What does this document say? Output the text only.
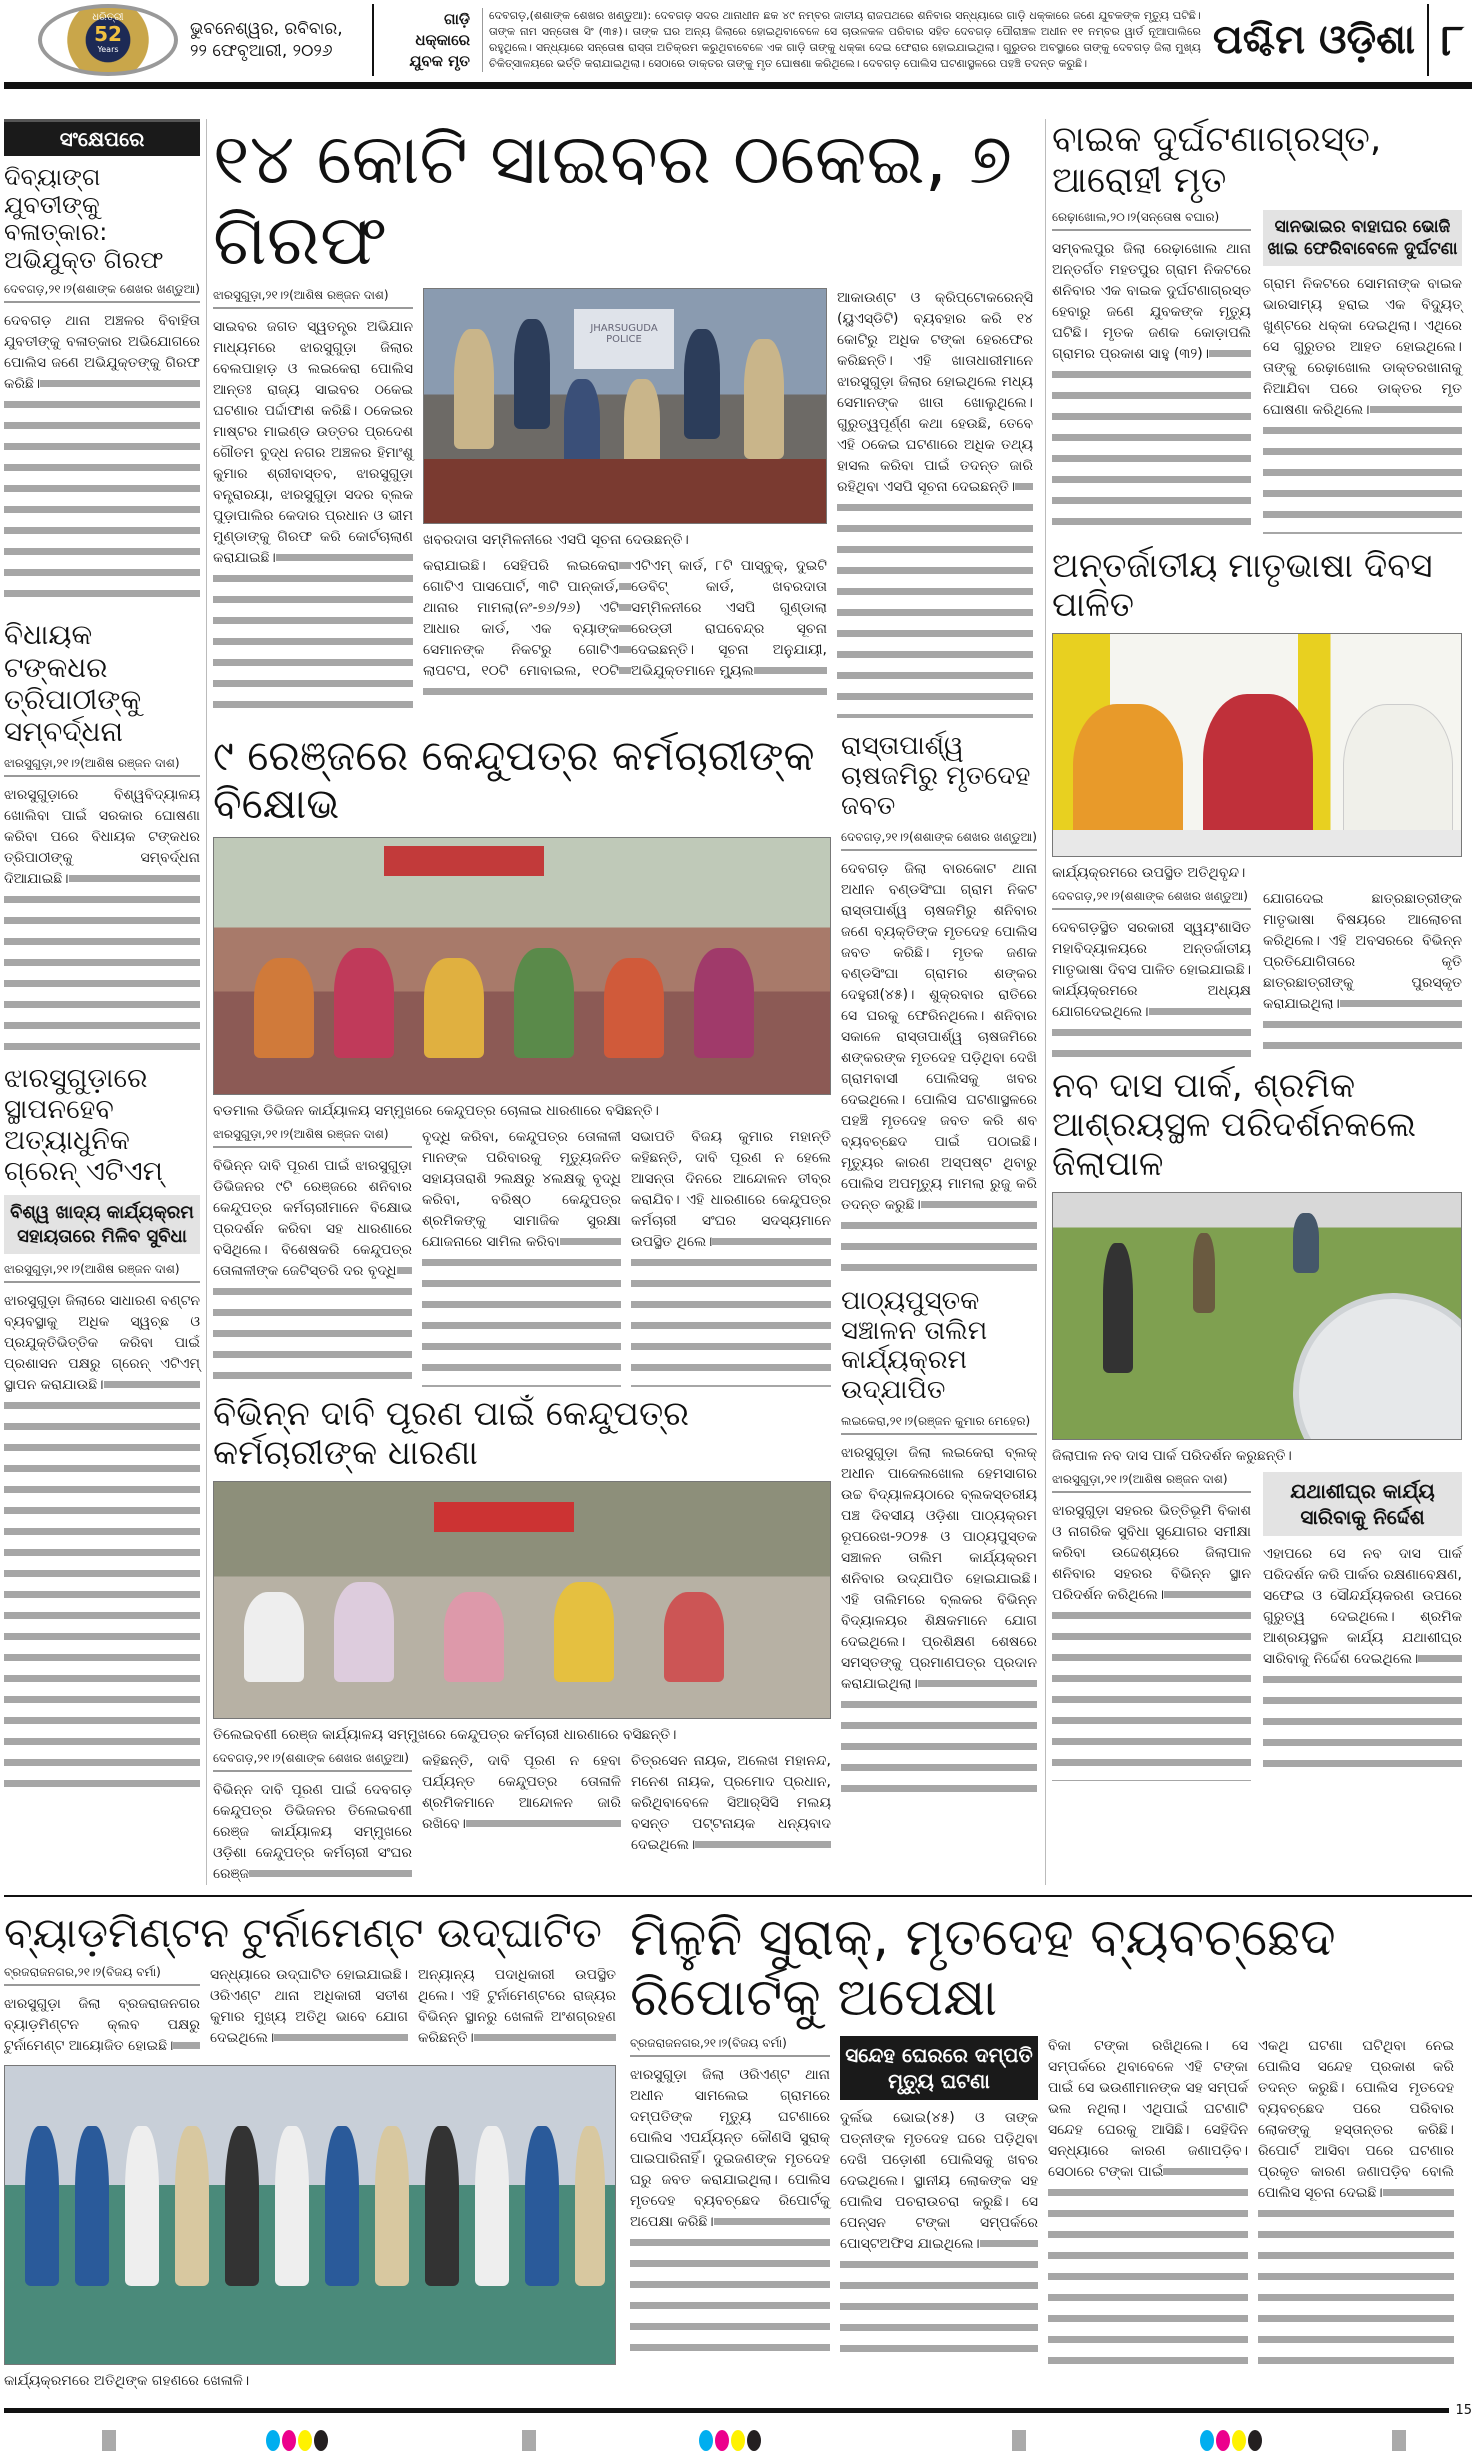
ଧରିତ୍ରୀ
52
Years
ଭୁବନେଶ୍ୱର, ରବିବାର,
୨୨ ଫେବୃଆରୀ, ୨୦୨୬
ଗାଡ଼ି ଧକ୍କାରେ ଯୁବକ ମୃତ
ଦେବଗଡ଼,(ଶଶାଙ୍କ ଶେଖର ଖଣ୍ଡୁଆ): ଦେବଗଡ଼ ସଦର ଥାନାଧୀନ ଛକ ୪୯ ନମ୍ବର ଜାତୀୟ ରାଜପଥରେ ଶନିବାର ସନ୍ଧ୍ୟାରେ ଗାଡ଼ି ଧକ୍କାରେ ଜଣେ ଯୁବକଙ୍କ ମୃତ୍ୟୁ ଘଟିଛି। ତାଙ୍କ ନାମ ସନ୍ତୋଷ ସିଂ (୩୫)। ତାଙ୍କ ଘର ଅନ୍ୟ ଜିଲାରେ ହୋଇଥିବାବେଳେ ସେ ଚାଉଳକଳ ପରିବାର ସହିତ ଦେବଗଡ଼ ପୌରାଞ୍ଚଳ ଅଧୀନ ୧୧ ନମ୍ବର ୱାର୍ଡ ନୂଆପାଲିରେ ରହୁଥିଲେ। ସନ୍ଧ୍ୟାରେ ସନ୍ତୋଷ ରାସ୍ତା ଅତିକ୍ରମ କରୁଥିବାବେଳେ ଏକ ଗାଡ଼ି ତାଙ୍କୁ ଧକ୍କା ଦେଇ ଫେରାର ହୋଇଯାଇଥିଲା। ଗୁରୁତର ଅବସ୍ଥାରେ ତାଙ୍କୁ ଦେବଗଡ଼ ଜିଲା ମୁଖ୍ୟ ଚିକିତ୍ସାଳୟରେ ଭର୍ତ୍ତି କରାଯାଇଥିଲା। ସେଠାରେ ଡାକ୍ତର ତାଙ୍କୁ ମୃତ ଘୋଷଣା କରିଥିଲେ। ଦେବଗଡ଼ ପୋଲିସ ଘଟଣାସ୍ଥଳରେ ପହଞ୍ଚି ତଦନ୍ତ କରୁଛି।
ପଶ୍ଚିମ ଓଡ଼ିଶା ୮
ସଂକ୍ଷେପରେ
ଦିବ୍ୟାଙ୍ଗ ଯୁବତୀଙ୍କୁ ବଳାତ୍କାର: ଅଭିଯୁକ୍ତ ଗିରଫ
ଦେବଗଡ଼,୨୧।୨(ଶଶାଙ୍କ ଶେଖର ଖଣ୍ଡୁଆ)
ଦେବଗଡ଼ ଥାନା ଅଞ୍ଚଳର ବିବାହିତା ଯୁବତୀଙ୍କୁ ବଳାତ୍କାର ଅଭିଯୋଗରେ ପୋଲିସ ଜଣେ ଅଭିଯୁକ୍ତଙ୍କୁ ଗିରଫ କରିଛି।
ବିଧାୟକ ଟଙ୍କଧର ତ୍ରିପାଠୀଙ୍କୁ ସମ୍ବର୍ଦ୍ଧନା
ଝାରସୁଗୁଡ଼ା,୨୧।୨(ଆଶିଷ ରଞ୍ଜନ ଦାଶ)
ଝାରସୁଗୁଡ଼ାରେ ବିଶ୍ୱବିଦ୍ୟାଳୟ ଖୋଲିବା ପାଇଁ ସରକାର ଘୋଷଣା କରିବା ପରେ ବିଧାୟକ ଟଙ୍କଧର ତ୍ରିପାଠୀଙ୍କୁ ସମ୍ବର୍ଦ୍ଧନା ଦିଆଯାଇଛି।
ଝାରସୁଗୁଡ଼ାରେ ସ୍ଥାପନହେବ ଅତ୍ୟାଧୁନିକ ଗ୍ରେନ୍ ଏଟିଏମ୍
ବିଶ୍ୱ ଖାଦ୍ୟ କାର୍ଯ୍ୟକ୍ରମ ସହାୟତାରେ ମିଳିବ ସୁବିଧା
ଝାରସୁଗୁଡ଼ା,୨୧।୨(ଆଶିଷ ରଞ୍ଜନ ଦାଶ)
ଝାରସୁଗୁଡ଼ା ଜିଲାରେ ସାଧାରଣ ବଣ୍ଟନ ବ୍ୟବସ୍ଥାକୁ ଅଧିକ ସ୍ୱଚ୍ଛ ଓ ପ୍ରଯୁକ୍ତିଭିତ୍ତିକ କରିବା ପାଇଁ ପ୍ରଶାସନ ପକ୍ଷରୁ ଗ୍ରେନ୍ ଏଟିଏମ୍ ସ୍ଥାପନ କରାଯାଉଛି।
୧୪ କୋଟି ସାଇବର ଠକେଇ, ୭ ଗିରଫ
ଝାରସୁଗୁଡ଼ା,୨୧।୨(ଆଶିଷ ରଞ୍ଜନ ଦାଶ)
ସାଇବର ଜଗତ ସ୍ୱତନ୍ତ୍ର ଅଭିଯାନ ମାଧ୍ୟମରେ ଝାରସୁଗୁଡ଼ା ଜିଲାର ବେଲପାହାଡ଼ ଓ ଲଇକେରା ପୋଲିସ ଆନ୍ତଃ ରାଜ୍ୟ ସାଇବର ଠକେଇ ଘଟଣାର ପର୍ଦ୍ଦାଫାଶ କରିଛି। ଠକେଇର ମାଷ୍ଟର ମାଇଣ୍ଡ ଉତ୍ତର ପ୍ରଦେଶ ଗୌତମ ବୁଦ୍ଧ ନଗର ଅଞ୍ଚଳର ହିମାଂଶୁ କୁମାର ଶ୍ରୀବାସ୍ତବ, ଝାରସୁଗୁଡ଼ା ବନ୍ତ୍ରାରୟା, ଝାରସୁଗୁଡ଼ା ସଦର ବ୍ଲକ ପୁଡ଼ାପାଲିର କେଦାର ପ୍ରଧାନ ଓ ଭୀମ ମୁଣ୍ଡାଙ୍କୁ ଗିରଫ କରି କୋର୍ଟଚାଲାଣ କରାଯାଇଛି।
JHARSUGUDA POLICE
ଖବରଦାତା ସମ୍ମିଳନୀରେ ଏସପି ସୂଚନା ଦେଉଛନ୍ତି।
କରାଯାଇଛି। ସେହିପରି ଲଇକେରା ଗୋଟିଏ ପାସପୋର୍ଟ, ୩ଟି ପାନ୍‌କାର୍ଡ, ଥାନାର ମାମଲା(ନଂ-୭୬/୨୬) ଏଟି ଆଧାର କାର୍ଡ, ଏକ ବ୍ୟାଙ୍କ ସେମାନଙ୍କ ନିକଟରୁ ଗୋଟିଏ ଲାପଟପ, ୧୦ଟି ମୋବାଇଲ, ୧୦ଟି ଏଟିଏମ୍ କାର୍ଡ, ୮ଟି ପାସ୍‌ବୁକ୍, ଦୁଇଟି ଡେବିଟ୍ କାର୍ଡ, ଖବରଦାତା ସମ୍ମିଳନୀରେ ଏସପି ଗୁଣ୍ଡାଲା ରେଡ୍ଡୀ ରାଘବେନ୍ଦ୍ର ସୂଚନା ଦେଇଛନ୍ତି। ସୂଚନା ଅନୁଯାୟୀ, ଅଭିଯୁକ୍ତମାନେ ମ୍ୟୁଲ
ଆକାଉଣ୍ଟ ଓ କ୍ରିପ୍ଟୋକରେନ୍ସି (ୟୁଏସ୍‌ଡିଟି) ବ୍ୟବହାର କରି ୧୪ କୋଟିରୁ ଅଧିକ ଟଙ୍କା ହେରଫେର କରିଛନ୍ତି। ଏହି ଖାତାଧାରୀମାନେ ଝାରସୁଗୁଡ଼ା ଜିଲାର ହୋଇଥିଲେ ମଧ୍ୟ ସେମାନଙ୍କ ଖାତା ଖୋଲୁଥିଲେ। ଗୁରୁତ୍ୱପୂର୍ଣ୍ଣ କଥା ହେଉଛି, ତେବେ ଏହି ଠକେଇ ଘଟଣାରେ ଅଧିକ ତଥ୍ୟ ହାସଲ କରିବା ପାଇଁ ତଦନ୍ତ ଜାରି ରହିଥିବା ଏସପି ସୂଚନା ଦେଇଛନ୍ତି।
୯ ରେଞ୍ଜରେ କେନ୍ଦୁପତ୍ର କର୍ମଚାରୀଙ୍କ ବିକ୍ଷୋଭ
ବଡମାଲ ଡିଭିଜନ କାର୍ଯ୍ୟାଳୟ ସମ୍ମୁଖରେ କେନ୍ଦୁପତ୍ର ଚୋଳାଇ ଧାରଣାରେ ବସିଛନ୍ତି।
ଝାରସୁଗୁଡ଼ା,୨୧।୨(ଆଶିଷ ରଞ୍ଜନ ଦାଶ)
ବିଭିନ୍ନ ଦାବି ପୂରଣ ପାଇଁ ଝାରସୁଗୁଡ଼ା ଡିଭିଜନର ୯ଟି ରେଞ୍ଜରେ ଶନିବାର କେନ୍ଦୁପତ୍ର କର୍ମଚାରୀମାନେ ବିକ୍ଷୋଭ ପ୍ରଦର୍ଶନ କରିବା ସହ ଧାରଣାରେ ବସିଥିଲେ। ବିଶେଷକରି କେନ୍ଦୁପତ୍ର ତୋଳାଳୀଙ୍କ ଜେଟିସ୍ତରି ଦର ବୃଦ୍ଧି
ବୃଦ୍ଧି କରିବା, କେନ୍ଦୁପତ୍ର ତୋଳାଳୀ ମାନଙ୍କ ପରିବାରକୁ ମୃତ୍ୟୁଜନିତ ସହାୟତାରାଶି ୨ଲକ୍ଷରୁ ୪ଲକ୍ଷକୁ ବୃଦ୍ଧି କରିବା, ବରିଷ୍ଠ କେନ୍ଦୁପତ୍ର ଶ୍ରମିକଙ୍କୁ ସାମାଜିକ ସୁରକ୍ଷା ଯୋଜନାରେ ସାମିଲ କରିବା
ସଭାପତି ବିଜୟ କୁମାର ମହାନ୍ତି କହିଛନ୍ତି, ଦାବି ପୂରଣ ନ ହେଲେ ଆସନ୍ତା ଦିନରେ ଆନ୍ଦୋଳନ ତୀବ୍ର କରାଯିବ। ଏହି ଧାରଣାରେ କେନ୍ଦୁପତ୍ର କର୍ମଚାରୀ ସଂଘର ସଦସ୍ୟମାନେ ଉପସ୍ଥିତ ଥିଲେ।
ବିଭିନ୍ନ ଦାବି ପୂରଣ ପାଇଁ କେନ୍ଦୁପତ୍ର କର୍ମଚାରୀଙ୍କ ଧାରଣା
ତିଲେଇବଣୀ ରେଞ୍ଜ କାର୍ଯ୍ୟାଳୟ ସମ୍ମୁଖରେ କେନ୍ଦୁପତ୍ର କର୍ମଚାରୀ ଧାରଣାରେ ବସିଛନ୍ତି।
ଦେବଗଡ଼,୨୧।୨(ଶଶାଙ୍କ ଶେଖର ଖଣ୍ଡୁଆ)
ବିଭିନ୍ନ ଦାବି ପୂରଣ ପାଇଁ ଦେବଗଡ଼ କେନ୍ଦୁପତ୍ର ଡିଭିଜନର ତିଲେଇବଣୀ ରେଞ୍ଜ କାର୍ଯ୍ୟାଳୟ ସମ୍ମୁଖରେ ଓଡ଼ିଶା କେନ୍ଦୁପତ୍ର କର୍ମଚାରୀ ସଂଘର ରେଞ୍ଜ
କହିଛନ୍ତି, ଦାବି ପୂରଣ ନ ହେବା ପର୍ଯ୍ୟନ୍ତ କେନ୍ଦୁପତ୍ର ତୋଳାଳି ଶ୍ରମିକମାନେ ଆନ୍ଦୋଳନ ଜାରି ରଖିବେ।
ଚିତ୍ରସେନ ନାୟକ, ଅଲେଖ ମହାନନ୍ଦ, ମନେଶ ନାୟକ, ପ୍ରମୋଦ ପ୍ରଧାନ, କରିଥିବାବେଳେ ସିଆର୍‌ସିସି ମଲୟ ବସନ୍ତ ପଟ୍ଟନାୟକ ଧନ୍ୟବାଦ ଦେଇଥିଲେ।
ରାସ୍ତାପାର୍ଶ୍ୱ ଚାଷଜମିରୁ ମୃତଦେହ ଜବତ
ଦେବଗଡ଼,୨୧।୨(ଶଶାଙ୍କ ଶେଖର ଖଣ୍ଡୁଆ)
ଦେବଗଡ଼ ଜିଲା ବାରକୋଟ ଥାନା ଅଧୀନ ବଣ୍ଡସିଂଘା ଗ୍ରାମ ନିକଟ ରାସ୍ତାପାର୍ଶ୍ୱ ଚାଷଜମିରୁ ଶନିବାର ଜଣେ ବ୍ୟକ୍ତିଙ୍କ ମୃତଦେହ ପୋଲିସ ଜବତ କରିଛି। ମୃତକ ଜଣକ ବଣ୍ଡସିଂଘା ଗ୍ରାମର ଶଙ୍କର ଦେହୁରୀ(୪୫)। ଶୁକ୍ରବାର ରାତିରେ ସେ ଘରକୁ ଫେରିନଥିଲେ। ଶନିବାର ସକାଳେ ରାସ୍ତାପାର୍ଶ୍ୱ ଚାଷଜମିରେ ଶଙ୍କରଙ୍କ ମୃତଦେହ ପଡ଼ିଥିବା ଦେଖି ଗ୍ରାମବାସୀ ପୋଲିସକୁ ଖବର ଦେଇଥିଲେ। ପୋଲିସ ଘଟଣାସ୍ଥଳରେ ପହଞ୍ଚି ମୃତଦେହ ଜବତ କରି ଶବ ବ୍ୟବଚ୍ଛେଦ ପାଇଁ ପଠାଇଛି। ମୃତ୍ୟୁର କାରଣ ଅସ୍ପଷ୍ଟ ଥିବାରୁ ପୋଲିସ ଅପମୃତ୍ୟୁ ମାମଲା ରୁଜୁ କରି ତଦନ୍ତ କରୁଛି।
ପାଠ୍ୟପୁସ୍ତକ ସଞ୍ଚାଳନ ତାଲିମ କାର୍ଯ୍ୟକ୍ରମ ଉଦ୍‌ଯାପିତ
ଲଇକେରା,୨୧।୨(ରଞ୍ଜନ କୁମାର ମେହେର)
ଝାରସୁଗୁଡ଼ା ଜିଲା ଲଇକେରା ବ୍ଲକ୍ ଅଧୀନ ପାକେଲଖୋଲ ହେମସାଗର ଉଚ୍ଚ ବିଦ୍ୟାଳୟଠାରେ ବ୍ଲକସ୍ତରୀୟ ପଞ୍ଚ ଦିବସୀୟ ଓଡ଼ିଶା ପାଠ୍ୟକ୍ରମ ରୂପରେଖ-୨୦୨୫ ଓ ପାଠ୍ୟପୁସ୍ତକ ସଞ୍ଚାଳନ ତାଲିମ କାର୍ଯ୍ୟକ୍ରମ ଶନିବାର ଉଦ୍‌ଯାପିତ ହୋଇଯାଇଛି। ଏହି ତାଲିମରେ ବ୍ଲକର ବିଭିନ୍ନ ବିଦ୍ୟାଳୟର ଶିକ୍ଷକମାନେ ଯୋଗ ଦେଇଥିଲେ। ପ୍ରଶିକ୍ଷଣ ଶେଷରେ ସମସ୍ତଙ୍କୁ ପ୍ରମାଣପତ୍ର ପ୍ରଦାନ କରାଯାଇଥିଲା।
ବାଇକ ଦୁର୍ଘଟଣାଗ୍ରସ୍ତ, ଆରୋହୀ ମୃତ
ରେଢ଼ାଖୋଲ,୨୦।୨(ସନ୍ତୋଷ ବଘାର)
ସମ୍ବଲପୁର ଜିଲା ରେଢ଼ାଖୋଲ ଥାନା ଅନ୍ତର୍ଗତ ମହତପୁର ଗ୍ରାମ ନିକଟରେ ଶନିବାର ଏକ ବାଇକ ଦୁର୍ଘଟଣାଗ୍ରସ୍ତ ହେବାରୁ ଜଣେ ଯୁବକଙ୍କ ମୃତ୍ୟୁ ଘଟିଛି। ମୃତକ ଜଣକ କୋଡ଼ାପଲି ଗ୍ରାମର ପ୍ରକାଶ ସାହୁ (୩୨)।
ସାନଭାଇର ବାହାଘର ଭୋଜି ଖାଇ ଫେରିବାବେଳେ ଦୁର୍ଘଟଣା
ଗ୍ରାମ ନିକଟରେ ସୋମନାଙ୍କ ବାଇକ ଭାରସାମ୍ୟ ହରାଇ ଏକ ବିଦ୍ୟୁତ୍ ଖୁଣ୍ଟରେ ଧକ୍କା ଦେଇଥିଲା। ଏଥିରେ ସେ ଗୁରୁତର ଆହତ ହୋଇଥିଲେ। ତାଙ୍କୁ ରେଢ଼ାଖୋଲ ଡାକ୍ତରଖାନାକୁ ନିଆଯିବା ପରେ ଡାକ୍ତର ମୃତ ଘୋଷଣା କରିଥିଲେ।
ଅନ୍ତର୍ଜାତୀୟ ମାତୃଭାଷା ଦିବସ ପାଳିତ
କାର୍ଯ୍ୟକ୍ରମରେ ଉପସ୍ଥିତ ଅତିଥିବୃନ୍ଦ।
ଦେବଗଡ଼,୨୧।୨(ଶଶାଙ୍କ ଶେଖର ଖଣ୍ଡୁଆ)
ଦେବଗଡ଼ସ୍ଥିତ ସରକାରୀ ସ୍ୱୟଂଶାସିତ ମହାବିଦ୍ୟାଳୟରେ ଅନ୍ତର୍ଜାତୀୟ ମାତୃଭାଷା ଦିବସ ପାଳିତ ହୋଇଯାଇଛି। କାର୍ଯ୍ୟକ୍ରମରେ ଅଧ୍ୟକ୍ଷ ଯୋଗଦେଇଥିଲେ।
ଯୋଗଦେଇ ଛାତ୍ରଛାତ୍ରୀଙ୍କ ମାତୃଭାଷା ବିଷୟରେ ଆଲୋଚନା କରିଥିଲେ। ଏହି ଅବସରରେ ବିଭିନ୍ନ ପ୍ରତିଯୋଗିତାରେ କୃତି ଛାତ୍ରଛାତ୍ରୀଙ୍କୁ ପୁରସ୍କୃତ କରାଯାଇଥିଲା।
ନବ ଦାସ ପାର୍କ, ଶ୍ରମିକ ଆଶ୍ରୟସ୍ଥଳ ପରିଦର୍ଶନକଲେ ଜିଲାପାଳ
ଜିଲାପାଳ ନବ ଦାସ ପାର୍କ ପରିଦର୍ଶନ କରୁଛନ୍ତି।
ଝାରସୁଗୁଡ଼ା,୨୧।୨(ଆଶିଷ ରଞ୍ଜନ ଦାଶ)
ଝାରସୁଗୁଡ଼ା ସହରର ଭିତ୍ତିଭୂମି ବିକାଶ ଓ ନାଗରିକ ସୁବିଧା ସୁଯୋଗର ସମୀକ୍ଷା କରିବା ଉଦ୍ଦେଶ୍ୟରେ ଜିଲାପାଳ ଶନିବାର ସହରର ବିଭିନ୍ନ ସ୍ଥାନ ପରିଦର୍ଶନ କରିଥିଲେ।
ଯଥାଶୀଘ୍ର କାର୍ଯ୍ୟ ସାରିବାକୁ ନିର୍ଦ୍ଦେଶ
ଏହାପରେ ସେ ନବ ଦାସ ପାର୍କ ପରିଦର୍ଶନ କରି ପାର୍କର ରକ୍ଷଣାବେକ୍ଷଣ, ସଫେଇ ଓ ସୌନ୍ଦର୍ଯ୍ୟକରଣ ଉପରେ ଗୁରୁତ୍ୱ ଦେଇଥିଲେ। ଶ୍ରମିକ ଆଶ୍ରୟସ୍ଥଳ କାର୍ଯ୍ୟ ଯଥାଶୀଘ୍ର ସାରିବାକୁ ନିର୍ଦ୍ଦେଶ ଦେଇଥିଲେ।
ବ୍ୟାଡ଼ମିଣ୍ଟନ ଟୁର୍ନାମେଣ୍ଟ ଉଦ୍‌ଘାଟିତ
ବ୍ରଜରାଜନଗର,୨୧।୨(ବିଜୟ ବର୍ମା)
ଝାରସୁଗୁଡ଼ା ଜିଲା ବ୍ରଜରାଜନଗର ବ୍ୟାଡ଼ମିଣ୍ଟନ କ୍ଲବ ପକ୍ଷରୁ ଟୁର୍ନାମେଣ୍ଟ ଆୟୋଜିତ ହୋଇଛି।
ସନ୍ଧ୍ୟାରେ ଉଦ୍‌ଘାଟିତ ହୋଇଯାଇଛି। ଓରିଏଣ୍ଟ ଥାନା ଅଧିକାରୀ ସତୀଶ କୁମାର ମୁଖ୍ୟ ଅତିଥି ଭାବେ ଯୋଗ ଦେଇଥିଲେ।
ଅନ୍ୟାନ୍ୟ ପଦାଧିକାରୀ ଉପସ୍ଥିତ ଥିଲେ। ଏହି ଟୁର୍ନାମେଣ୍ଟରେ ରାଜ୍ୟର ବିଭିନ୍ନ ସ୍ଥାନରୁ ଖେଳାଳି ଅଂଶଗ୍ରହଣ କରିଛନ୍ତି।
କାର୍ଯ୍ୟକ୍ରମରେ ଅତିଥିଙ୍କ ଗହଣରେ ଖେଳାଳି।
ମିଳୁନି ସୁରାକ୍, ମୃତଦେହ ବ୍ୟବଚ୍ଛେଦ ରିପୋର୍ଟକୁ ଅପେକ୍ଷା
ବ୍ରଜରାଜନଗର,୨୧।୨(ବିଜୟ ବର୍ମା)
ଝାରସୁଗୁଡ଼ା ଜିଲା ଓରିଏଣ୍ଟ ଥାନା ଅଧୀନ ସାମଲେଇ ଗ୍ରାମରେ ଦମ୍ପତିଙ୍କ ମୃତ୍ୟୁ ଘଟଣାରେ ପୋଲିସ ଏପର୍ଯ୍ୟନ୍ତ କୌଣସି ସୁରାକ୍ ପାଇପାରିନାହିଁ। ଦୁଇଜଣଙ୍କ ମୃତଦେହ ଘରୁ ଜବତ କରାଯାଇଥିଲା। ପୋଲିସ ମୃତଦେହ ବ୍ୟବଚ୍ଛେଦ ରିପୋର୍ଟକୁ ଅପେକ୍ଷା କରିଛି।
ସନ୍ଦେହ ଘେରରେ ଦମ୍ପତି ମୃତ୍ୟୁ ଘଟଣା
ଦୁର୍ଲଭ ଭୋଇ(୪୫) ଓ ତାଙ୍କ ପତ୍ନୀଙ୍କ ମୃତଦେହ ଘରେ ପଡ଼ିଥିବା ଦେଖି ପଡ଼ୋଶୀ ପୋଲିସକୁ ଖବର ଦେଇଥିଲେ। ସ୍ଥାନୀୟ ଲୋକଙ୍କ ସହ ପୋଲିସ ପଚରାଉଚରା କରୁଛି। ସେ ପେନ୍‌ସନ ଟଙ୍କା ସମ୍ପର୍କରେ ପୋସ୍ଟଅଫିସ ଯାଇଥିଲେ।
ବିକା ଟଙ୍କା ରଖିଥିଲେ। ସେ ସମ୍ପର୍କରେ ଥିବାବେଳେ ଏହି ଟଙ୍କା ପାଇଁ ସେ ଭଉଣୀମାନଙ୍କ ସହ ସମ୍ପର୍କ ଭଲ ନଥିଲା। ଏଥିପାଇଁ ଘଟଣାଟି ସନ୍ଦେହ ଘେରକୁ ଆସିଛି। ସେହିଦିନ ସନ୍ଧ୍ୟାରେ କାରଣ ଜଣାପଡ଼ିବ। ସେଠାରେ ଟଙ୍କା ପାଇଁ
ଏକଥି ଘଟଣା ଘଟିଥିବା ନେଇ ପୋଲିସ ସନ୍ଦେହ ପ୍ରକାଶ କରି ତଦନ୍ତ କରୁଛି। ପୋଲିସ ମୃତଦେହ ବ୍ୟବଚ୍ଛେଦ ପରେ ପରିବାର ଲୋକଙ୍କୁ ହସ୍ତାନ୍ତର କରିଛି। ରିପୋର୍ଟ ଆସିବା ପରେ ଘଟଣାର ପ୍ରକୃତ କାରଣ ଜଣାପଡ଼ିବ ବୋଲି ପୋଲିସ ସୂଚନା ଦେଇଛି।
15
